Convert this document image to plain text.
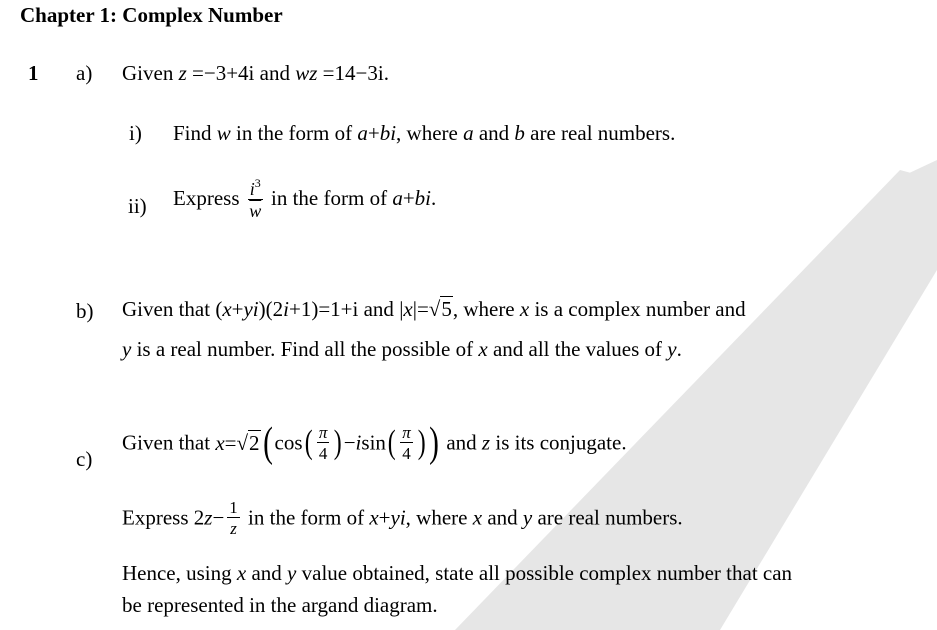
Chapter 1: Complex Number
1 a) Given z =−3+4i and wz =14−3i.
i) Find w in the form of a+bi, where a and b are real numbers.
ii) Express $\frac{i^3}{w}$ in the form of a+bi.
b) Given that (x+yi)(2i+1)=1+i and |x|=√5, where x is a complex number and
y is a real number. Find all the possible of x and all the values of y.
c)
Given that $x=√2(\cos( \frac{\pi}{4} )-isin( \frac{\pi}{4}$ )) and z is its conjugate.
Express $2z- \frac{1}{z}$ in the form of x+yi, where x and y are real numbers.
Hence, using x and y value obtained, state all possible complex number that can
be represented in the argand diagram.
